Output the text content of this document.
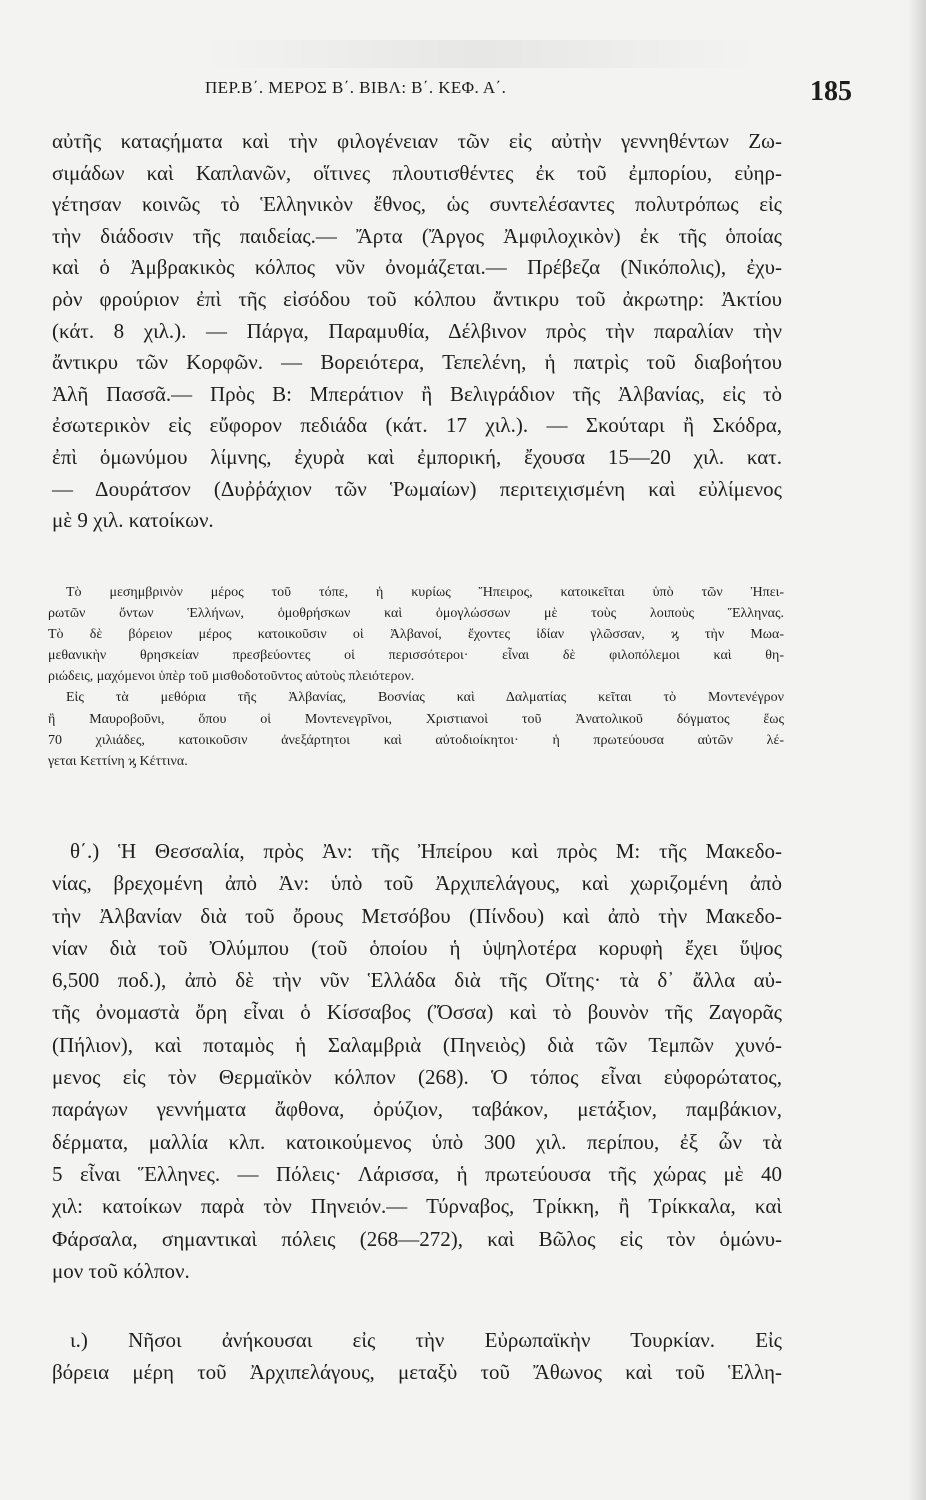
ΠΕΡ.Β΄. ΜΕΡΟΣ Β΄. ΒΙΒΛ: Β΄. ΚΕΦ. Α΄.	185

αὐτῆς καταςήματα καὶ τὴν φιλογένειαν τῶν εἰς αὐτὴν γεννηθέντων Ζω-

σιμάδων καὶ Καπλανῶν, οἵτινες πλουτισθέντες ἐκ τοῦ ἐμπορίου, εὐηρ-

γέτησαν κοινῶς τὸ Ἑλληνικὸν ἔθνος, ὡς συντελέσαντες πολυτρόπως εἰς

τὴν διάδοσιν τῆς παιδείας.— Ἄρτα (Ἄργος Ἀμφιλοχικὸν) ἐκ τῆς ὁποίας

καὶ ὁ Ἀμβρακικὸς κόλπος νῦν ὀνομάζεται.— Πρέβεζα (Νικόπολις), ἐχυ-

ρὸν φρούριον ἐπὶ τῆς εἰσόδου τοῦ κόλπου ἄντικρυ τοῦ ἀκρωτηρ: Ἀκτίου

(κάτ. 8 χιλ.). — Πάργα, Παραμυθία, Δέλβινον πρὸς τὴν παραλίαν τὴν

ἄντικρυ τῶν Κορφῶν. — Βορειότερα, Τεπελένη, ἡ πατρὶς τοῦ διαβοήτου

Ἀλῆ Πασσᾶ.— Πρὸς Β: Μπεράτιον ἢ Βελιγράδιον τῆς Ἀλβανίας, εἰς τὸ

ἐσωτερικὸν εἰς εὔφορον πεδιάδα (κάτ. 17 χιλ.). — Σκούταρι ἢ Σκόδρα,

ἐπὶ ὁμωνύμου λίμνης, ἐχυρὰ καὶ ἐμπορική, ἔχουσα 15—20 χιλ. κατ.

— Δουράτσον (Δυῤῥάχιον τῶν Ῥωμαίων) περιτειχισμένη καὶ εὐλίμενος

μὲ 9 χιλ. κατοίκων.

Τὸ μεσημβρινὸν μέρος τοῦ τόπε, ἡ κυρίως Ἤπειρος, κατοικεῖται ὑπὸ τῶν Ἠπει-

ρωτῶν ὄντων Ἑλλήνων, ὁμοθρήσκων καὶ ὁμογλώσσων μὲ τοὺς λοιποὺς Ἕλληνας.

Τὸ δὲ βόρειον μέρος κατοικοῦσιν οἱ Ἀλβανοί, ἔχοντες ἰδίαν γλῶσσαν, ϗ τὴν Μωα-

μεθανικὴν θρησκείαν πρεσβεύοντες οἱ περισσότεροι· εἶναι δὲ φιλοπόλεμοι καὶ θη-

ριώδεις, μαχόμενοι ὑπὲρ τοῦ μισθοδοτοῦντος αὐτοὺς πλειότερον.

Εἰς τὰ μεθόρια τῆς Ἀλβανίας, Βοσνίας καὶ Δαλματίας κεῖται τὸ Μοντενέγρον

ἢ Μαυροβοῦνι, ὅπου οἱ Μοντενεγρῖνοι, Χριστιανοὶ τοῦ Ἀνατολικοῦ δόγματος ἕως

70 χιλιάδες, κατοικοῦσιν ἀνεξάρτητοι καὶ αὐτοδιοίκητοι· ἡ πρωτεύουσα αὐτῶν λέ-

γεται Κεττίνη ϗ Κέττινα.

θ΄.) Ἡ Θεσσαλία, πρὸς Ἀν: τῆς Ἠπείρου καὶ πρὸς Μ: τῆς Μακεδο-

νίας, βρεχομένη ἀπὸ Ἀν: ὑπὸ τοῦ Ἀρχιπελάγους, καὶ χωριζομένη ἀπὸ

τὴν Ἀλβανίαν διὰ τοῦ ὄρους Μετσόβου (Πίνδου) καὶ ἀπὸ τὴν Μακεδο-

νίαν διὰ τοῦ Ὀλύμπου (τοῦ ὁποίου ἡ ὑψηλοτέρα κορυφὴ ἔχει ὕψος

6,500 ποδ.), ἀπὸ δὲ τὴν νῦν Ἑλλάδα διὰ τῆς Οἴτης· τὰ δ᾽ ἄλλα αὐ-

τῆς ὀνομαστὰ ὄρη εἶναι ὁ Κίσσαβος (Ὄσσα) καὶ τὸ βουνὸν τῆς Ζαγορᾶς

(Πήλιον), καὶ ποταμὸς ἡ Σαλαμβριὰ (Πηνειὸς) διὰ τῶν Τεμπῶν χυνό-

μενος εἰς τὸν Θερμαϊκὸν κόλπον (268). Ὁ τόπος εἶναι εὐφορώτατος,

παράγων γεννήματα ἄφθονα, ὀρύζιον, ταβάκον, μετάξιον, παμβάκιον,

δέρματα, μαλλία κλπ. κατοικούμενος ὑπὸ 300 χιλ. περίπου, ἐξ ὧν τὰ

5 εἶναι Ἕλληνες. — Πόλεις· Λάρισσα, ἡ πρωτεύουσα τῆς χώρας μὲ 40

χιλ: κατοίκων παρὰ τὸν Πηνειόν.— Τύρναβος, Τρίκκη, ἢ Τρίκκαλα, καὶ

Φάρσαλα, σημαντικαὶ πόλεις (268—272), καὶ Βῶλος εἰς τὸν ὁμώνυ-

μον τοῦ κόλπον.

ι.) Νῆσοι ἀνήκουσαι εἰς τὴν Εὐρωπαϊκὴν Τουρκίαν. Εἰς

βόρεια μέρη τοῦ Ἀρχιπελάγους, μεταξὺ τοῦ Ἄθωνος καὶ τοῦ Ἑλλη-
